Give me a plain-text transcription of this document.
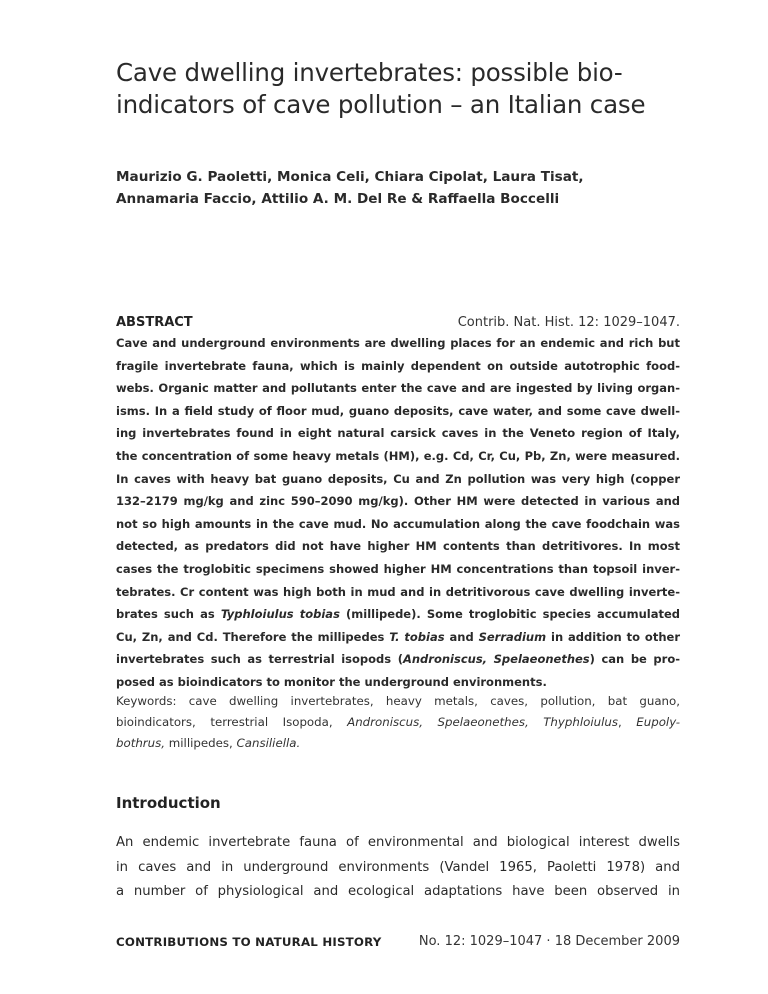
Cave dwelling invertebrates: possible bio-
indicators of cave pollution – an Italian case
Maurizio G. Paoletti, Monica Celi, Chiara Cipolat, Laura Tisat,
Annamaria Faccio, Attilio A. M. Del Re & Raffaella Boccelli
ABSTRACT	Contrib. Nat. Hist. 12: 1029–1047.
Cave and underground environments are dwelling places for an endemic and rich but
fragile invertebrate fauna, which is mainly dependent on outside autotrophic food-
webs. Organic matter and pollutants enter the cave and are ingested by living organ-
isms. In a field study of floor mud, guano deposits, cave water, and some cave dwell-
ing invertebrates found in eight natural carsick caves in the Veneto region of Italy,
the concentration of some heavy metals (HM), e.g. Cd, Cr, Cu, Pb, Zn, were measured.
In caves with heavy bat guano deposits, Cu and Zn pollution was very high (copper
132–2179 mg/kg and zinc 590–2090 mg/kg). Other HM were detected in various and
not so high amounts in the cave mud. No accumulation along the cave foodchain was
detected, as predators did not have higher HM contents than detritivores. In most
cases the troglobitic specimens showed higher HM concentrations than topsoil inver-
tebrates. Cr content was high both in mud and in detritivorous cave dwelling inverte-
brates such as Typhloiulus tobias (millipede). Some troglobitic species accumulated
Cu, Zn, and Cd. Therefore the millipedes T. tobias and Serradium in addition to other
invertebrates such as terrestrial isopods (Androniscus, Spelaeonethes) can be pro-
posed as bioindicators to monitor the underground environments.
Keywords: cave dwelling invertebrates, heavy metals, caves, pollution, bat guano,
bioindicators, terrestrial Isopoda, Androniscus, Spelaeonethes, Thyphloiulus, Eupoly-
bothrus, millipedes, Cansiliella.
Introduction
An endemic invertebrate fauna of environmental and biological interest dwells
in caves and in underground environments (Vandel 1965, Paoletti 1978) and
a number of physiological and ecological adaptations have been observed in
CONTRIBUTIONS TO NATURAL HISTORY	No. 12: 1029–1047 · 18 December 2009
